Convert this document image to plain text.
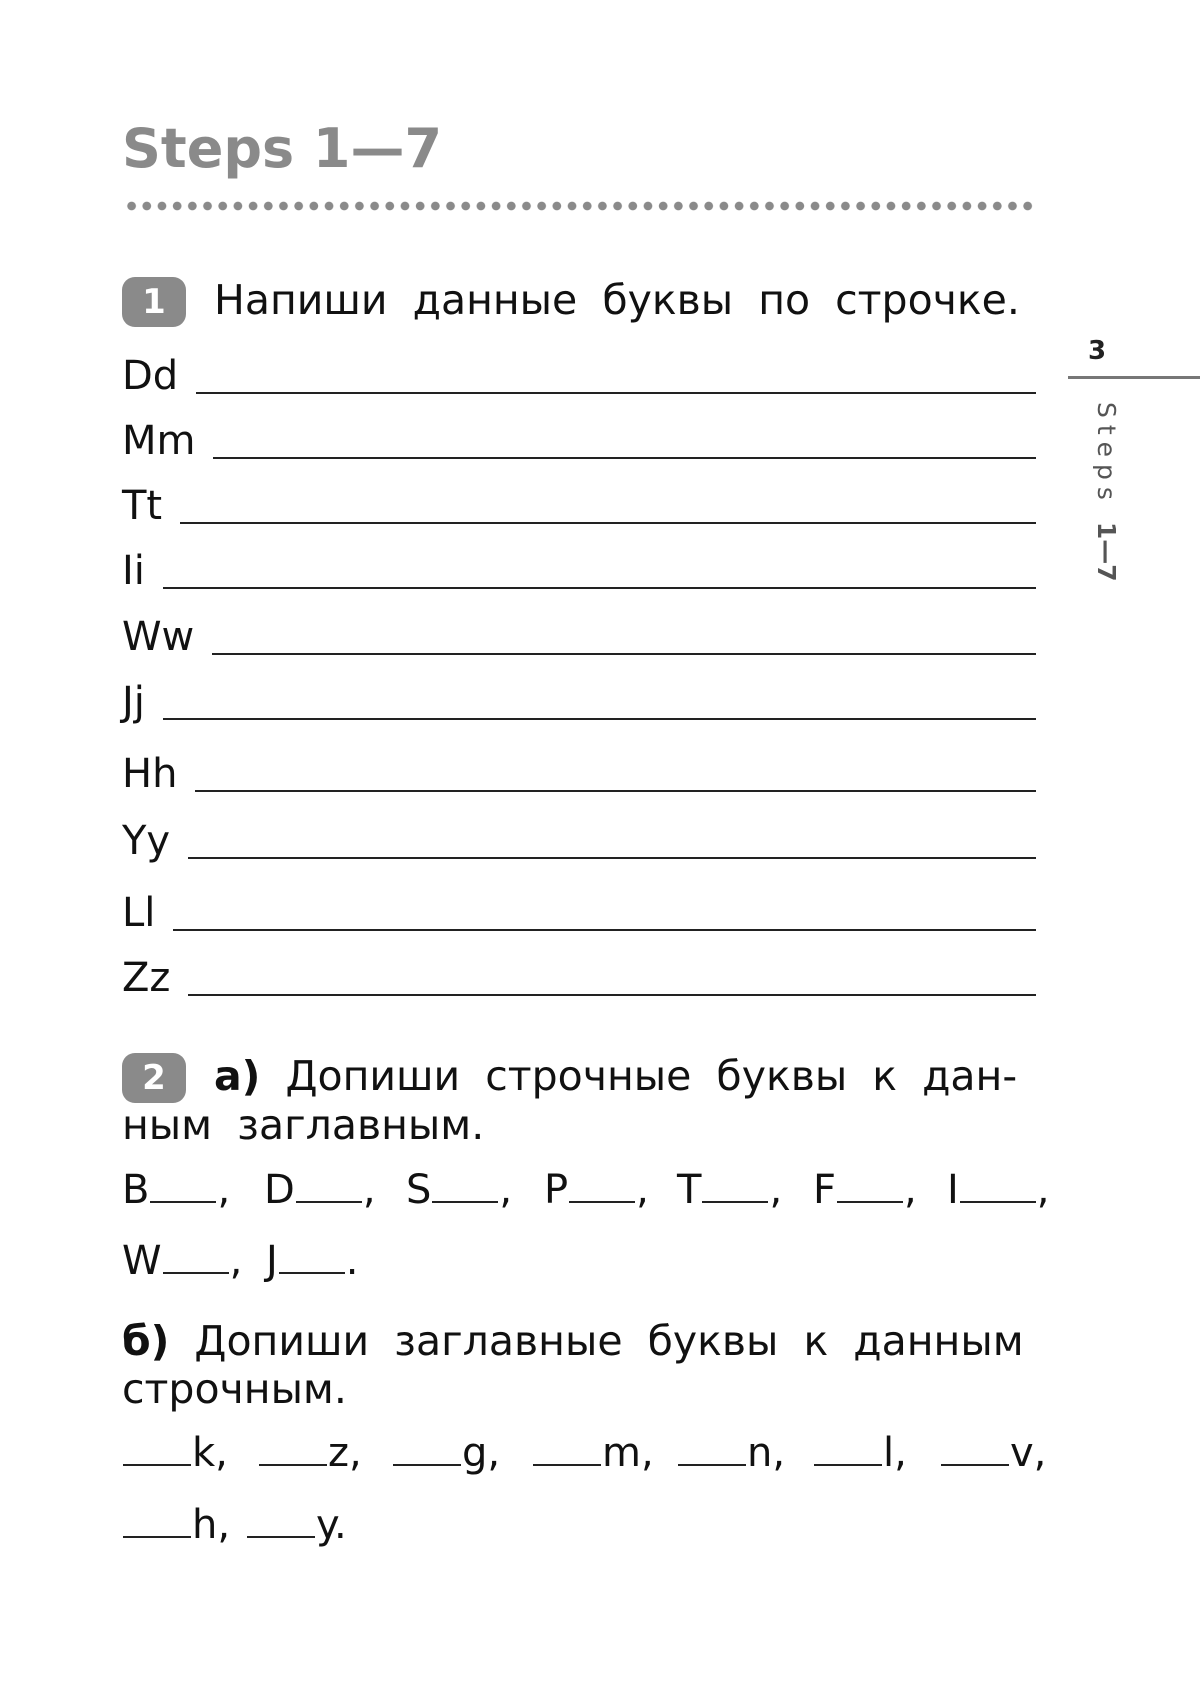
Steps 1—7
3
Steps 1—7
1	Напиши данные буквы по строчке.
Dd
Mm
Tt
Ii
Ww
Jj
Hh
Yy
Ll
Zz
2	а) Допиши строчные буквы к дан-
ным заглавным.
B , D , S , P , T , F , I ,
W , J .
б) Допиши заглавные буквы к данным
строчным.
k,	z,	g,	m,	n,	l,	v,
h,	y.
